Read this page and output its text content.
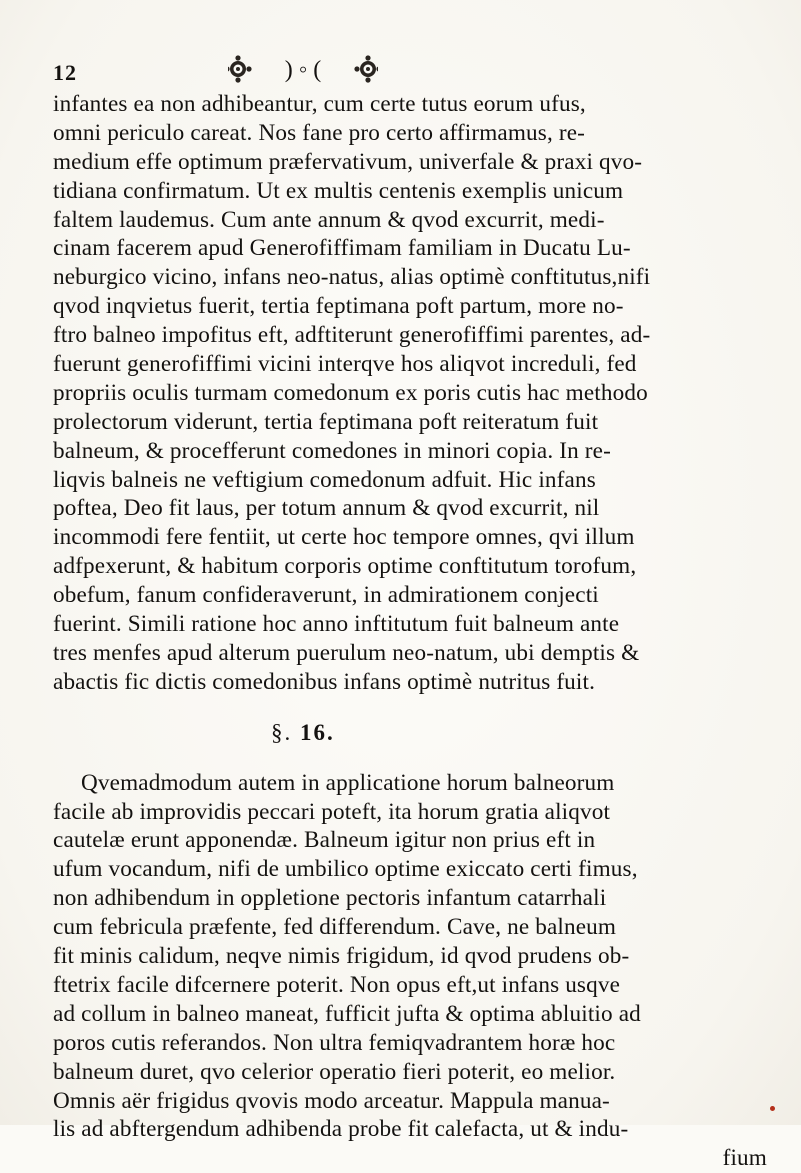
12	) ◦ (
infantes ea non adhibeantur, cum certe tutus eorum ufus,
omni periculo careat. Nos fane pro certo affirmamus, re-
medium effe optimum præfervativum, univerfale & praxi qvo-
tidiana confirmatum. Ut ex multis centenis exemplis unicum
faltem laudemus. Cum ante annum & qvod excurrit, medi-
cinam facerem apud Generofiffimam familiam in Ducatu Lu-
neburgico vicino, infans neo-natus, alias optimè conftitutus,nifi
qvod inqvietus fuerit, tertia feptimana poft partum, more no-
ftro balneo impofitus eft, adftiterunt generofiffimi parentes, ad-
fuerunt generofiffimi vicini interqve hos aliqvot increduli, fed
propriis oculis turmam comedonum ex poris cutis hac methodo
prolectorum viderunt, tertia feptimana poft reiteratum fuit
balneum, & procefferunt comedones in minori copia. In re-
liqvis balneis ne veftigium comedonum adfuit. Hic infans
poftea, Deo fit laus, per totum annum & qvod excurrit, nil
incommodi fere fentiit, ut certe hoc tempore omnes, qvi illum
adfpexerunt, & habitum corporis optime conftitutum torofum,
obefum, fanum confideraverunt, in admirationem conjecti
fuerint. Simili ratione hoc anno inftitutum fuit balneum ante
tres menfes apud alterum puerulum neo-natum, ubi demptis &
abactis fic dictis comedonibus infans optimè nutritus fuit.
§. 16.
Qvemadmodum autem in applicatione horum balneorum
facile ab improvidis peccari poteft, ita horum gratia aliqvot
cautelæ erunt apponendæ. Balneum igitur non prius eft in
ufum vocandum, nifi de umbilico optime exiccato certi fimus,
non adhibendum in oppletione pectoris infantum catarrhali
cum febricula præfente, fed differendum. Cave, ne balneum
fit minis calidum, neqve nimis frigidum, id qvod prudens ob-
ftetrix facile difcernere poterit. Non opus eft,ut infans usqve
ad collum in balneo maneat, fufficit jufta & optima abluitio ad
poros cutis referandos. Non ultra femiqvadrantem horæ hoc
balneum duret, qvo celerior operatio fieri poterit, eo melior.
Omnis aër frigidus qvovis modo arceatur. Mappula manua-
lis ad abftergendum adhibenda probe fit calefacta, ut & indu-
fium
